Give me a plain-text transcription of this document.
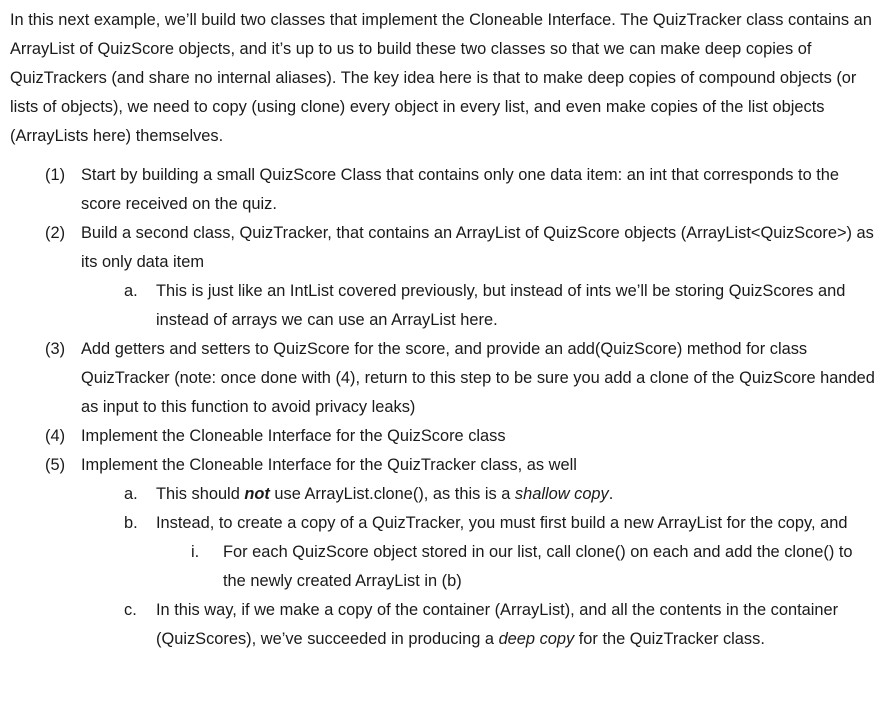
In this next example, we’ll build two classes that implement the Cloneable Interface. The QuizTracker class contains an ArrayList of QuizScore objects, and it’s up to us to build these two classes so that we can make deep copies of QuizTrackers (and share no internal aliases). The key idea here is that to make deep copies of compound objects (or lists of objects), we need to copy (using clone) every object in every list, and even make copies of the list objects (ArrayLists here) themselves.

(1) Start by building a small QuizScore Class that contains only one data item: an int that corresponds to the score received on the quiz.
(2) Build a second class, QuizTracker, that contains an ArrayList of QuizScore objects (ArrayList<QuizScore>) as its only data item
a.	This is just like an IntList covered previously, but instead of ints we’ll be storing QuizScores and instead of arrays we can use an ArrayList here.
(3) Add getters and setters to QuizScore for the score, and provide an add(QuizScore) method for class QuizTracker (note: once done with (4), return to this step to be sure you add a clone of the QuizScore handed as input to this function to avoid privacy leaks)
(4) Implement the Cloneable Interface for the QuizScore class
(5) Implement the Cloneable Interface for the QuizTracker class, as well
a.	This should not use ArrayList.clone(), as this is a shallow copy.
b.	Instead, to create a copy of a QuizTracker, you must first build a new ArrayList for the copy, and
i.	For each QuizScore object stored in our list, call clone() on each and add the clone() to the newly created ArrayList in (b)
c.	In this way, if we make a copy of the container (ArrayList), and all the contents in the container (QuizScores), we’ve succeeded in producing a deep copy for the QuizTracker class.
